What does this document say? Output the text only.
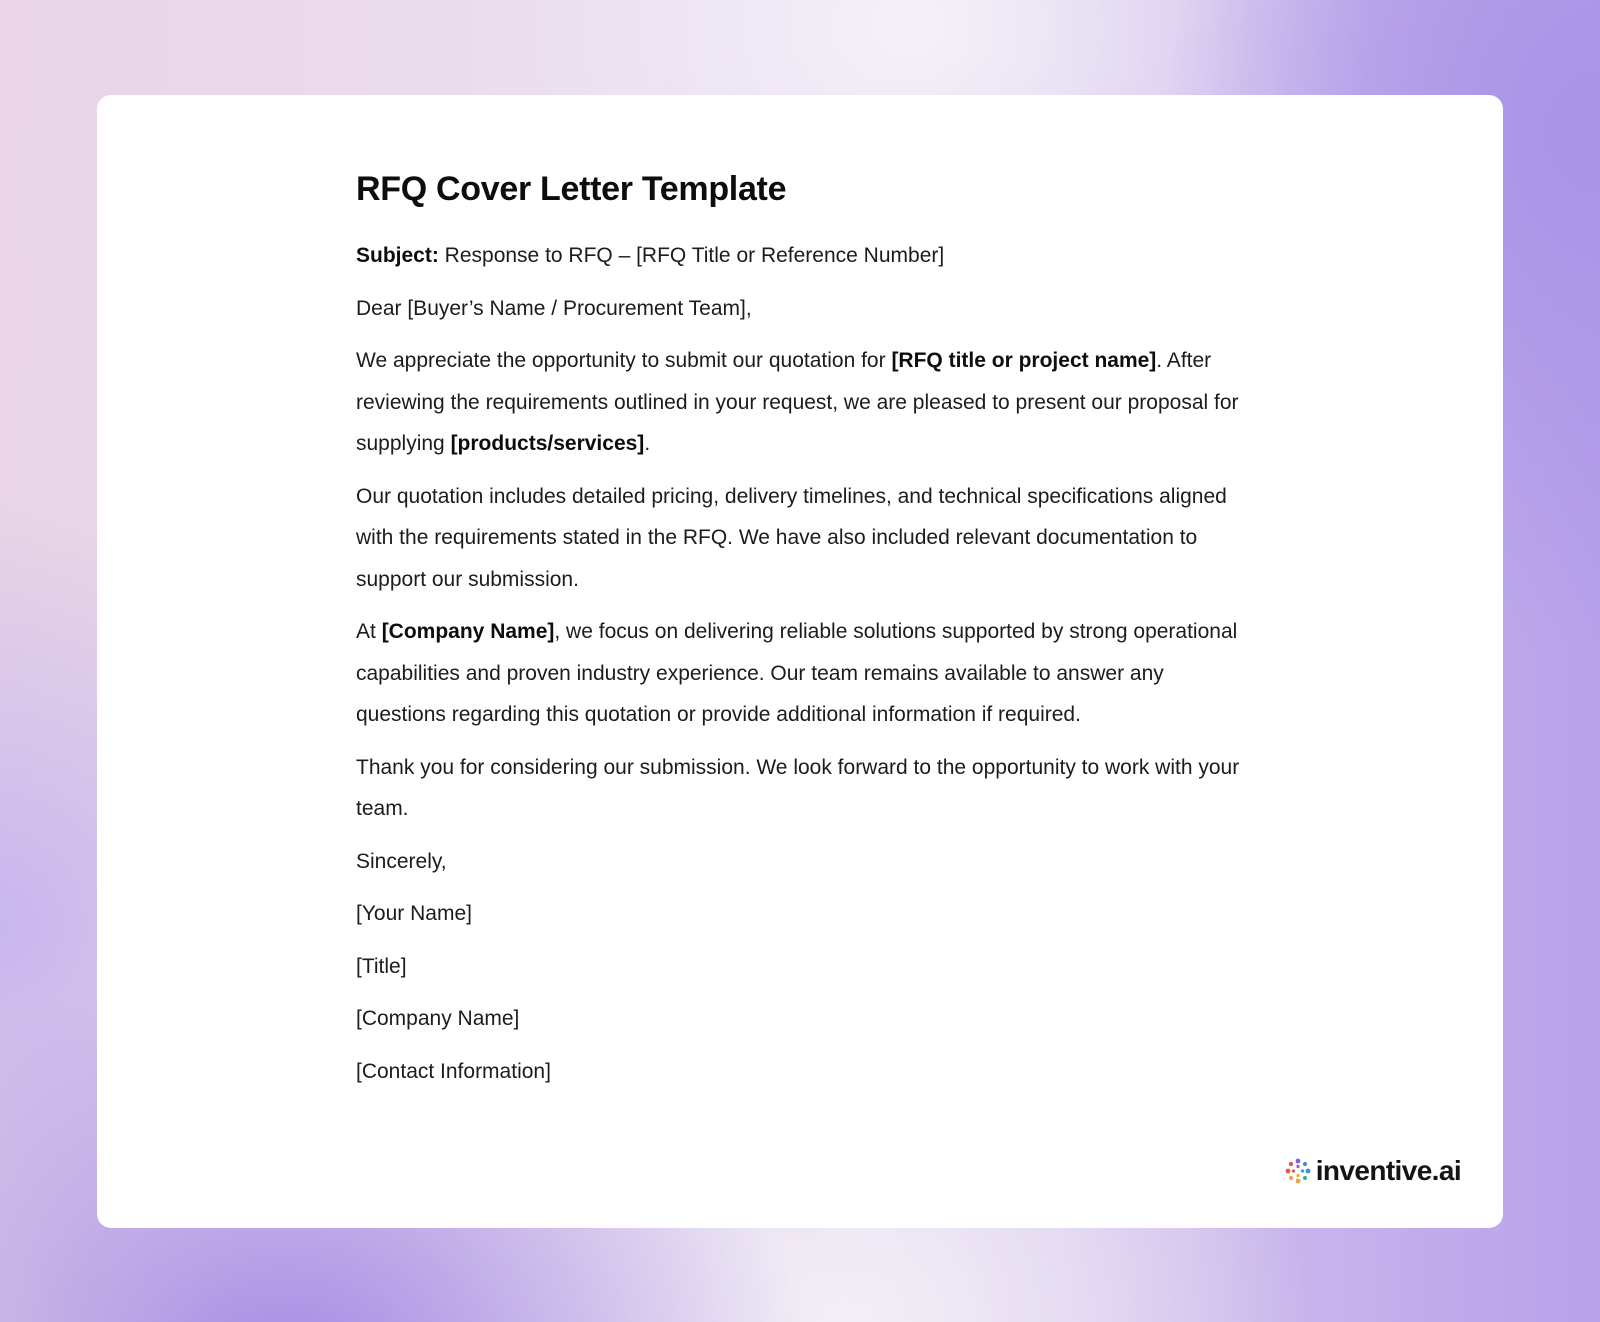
RFQ Cover Letter Template

Subject: Response to RFQ – [RFQ Title or Reference Number]

Dear [Buyer’s Name / Procurement Team],

We appreciate the opportunity to submit our quotation for [RFQ title or project name]. After reviewing the requirements outlined in your request, we are pleased to present our proposal for supplying [products/services].

Our quotation includes detailed pricing, delivery timelines, and technical specifications aligned with the requirements stated in the RFQ. We have also included relevant documentation to support our submission.

At [Company Name], we focus on delivering reliable solutions supported by strong operational capabilities and proven industry experience. Our team remains available to answer any questions regarding this quotation or provide additional information if required.

Thank you for considering our submission. We look forward to the opportunity to work with your team.

Sincerely,

[Your Name]

[Title]

[Company Name]

[Contact Information]

inventive.ai
